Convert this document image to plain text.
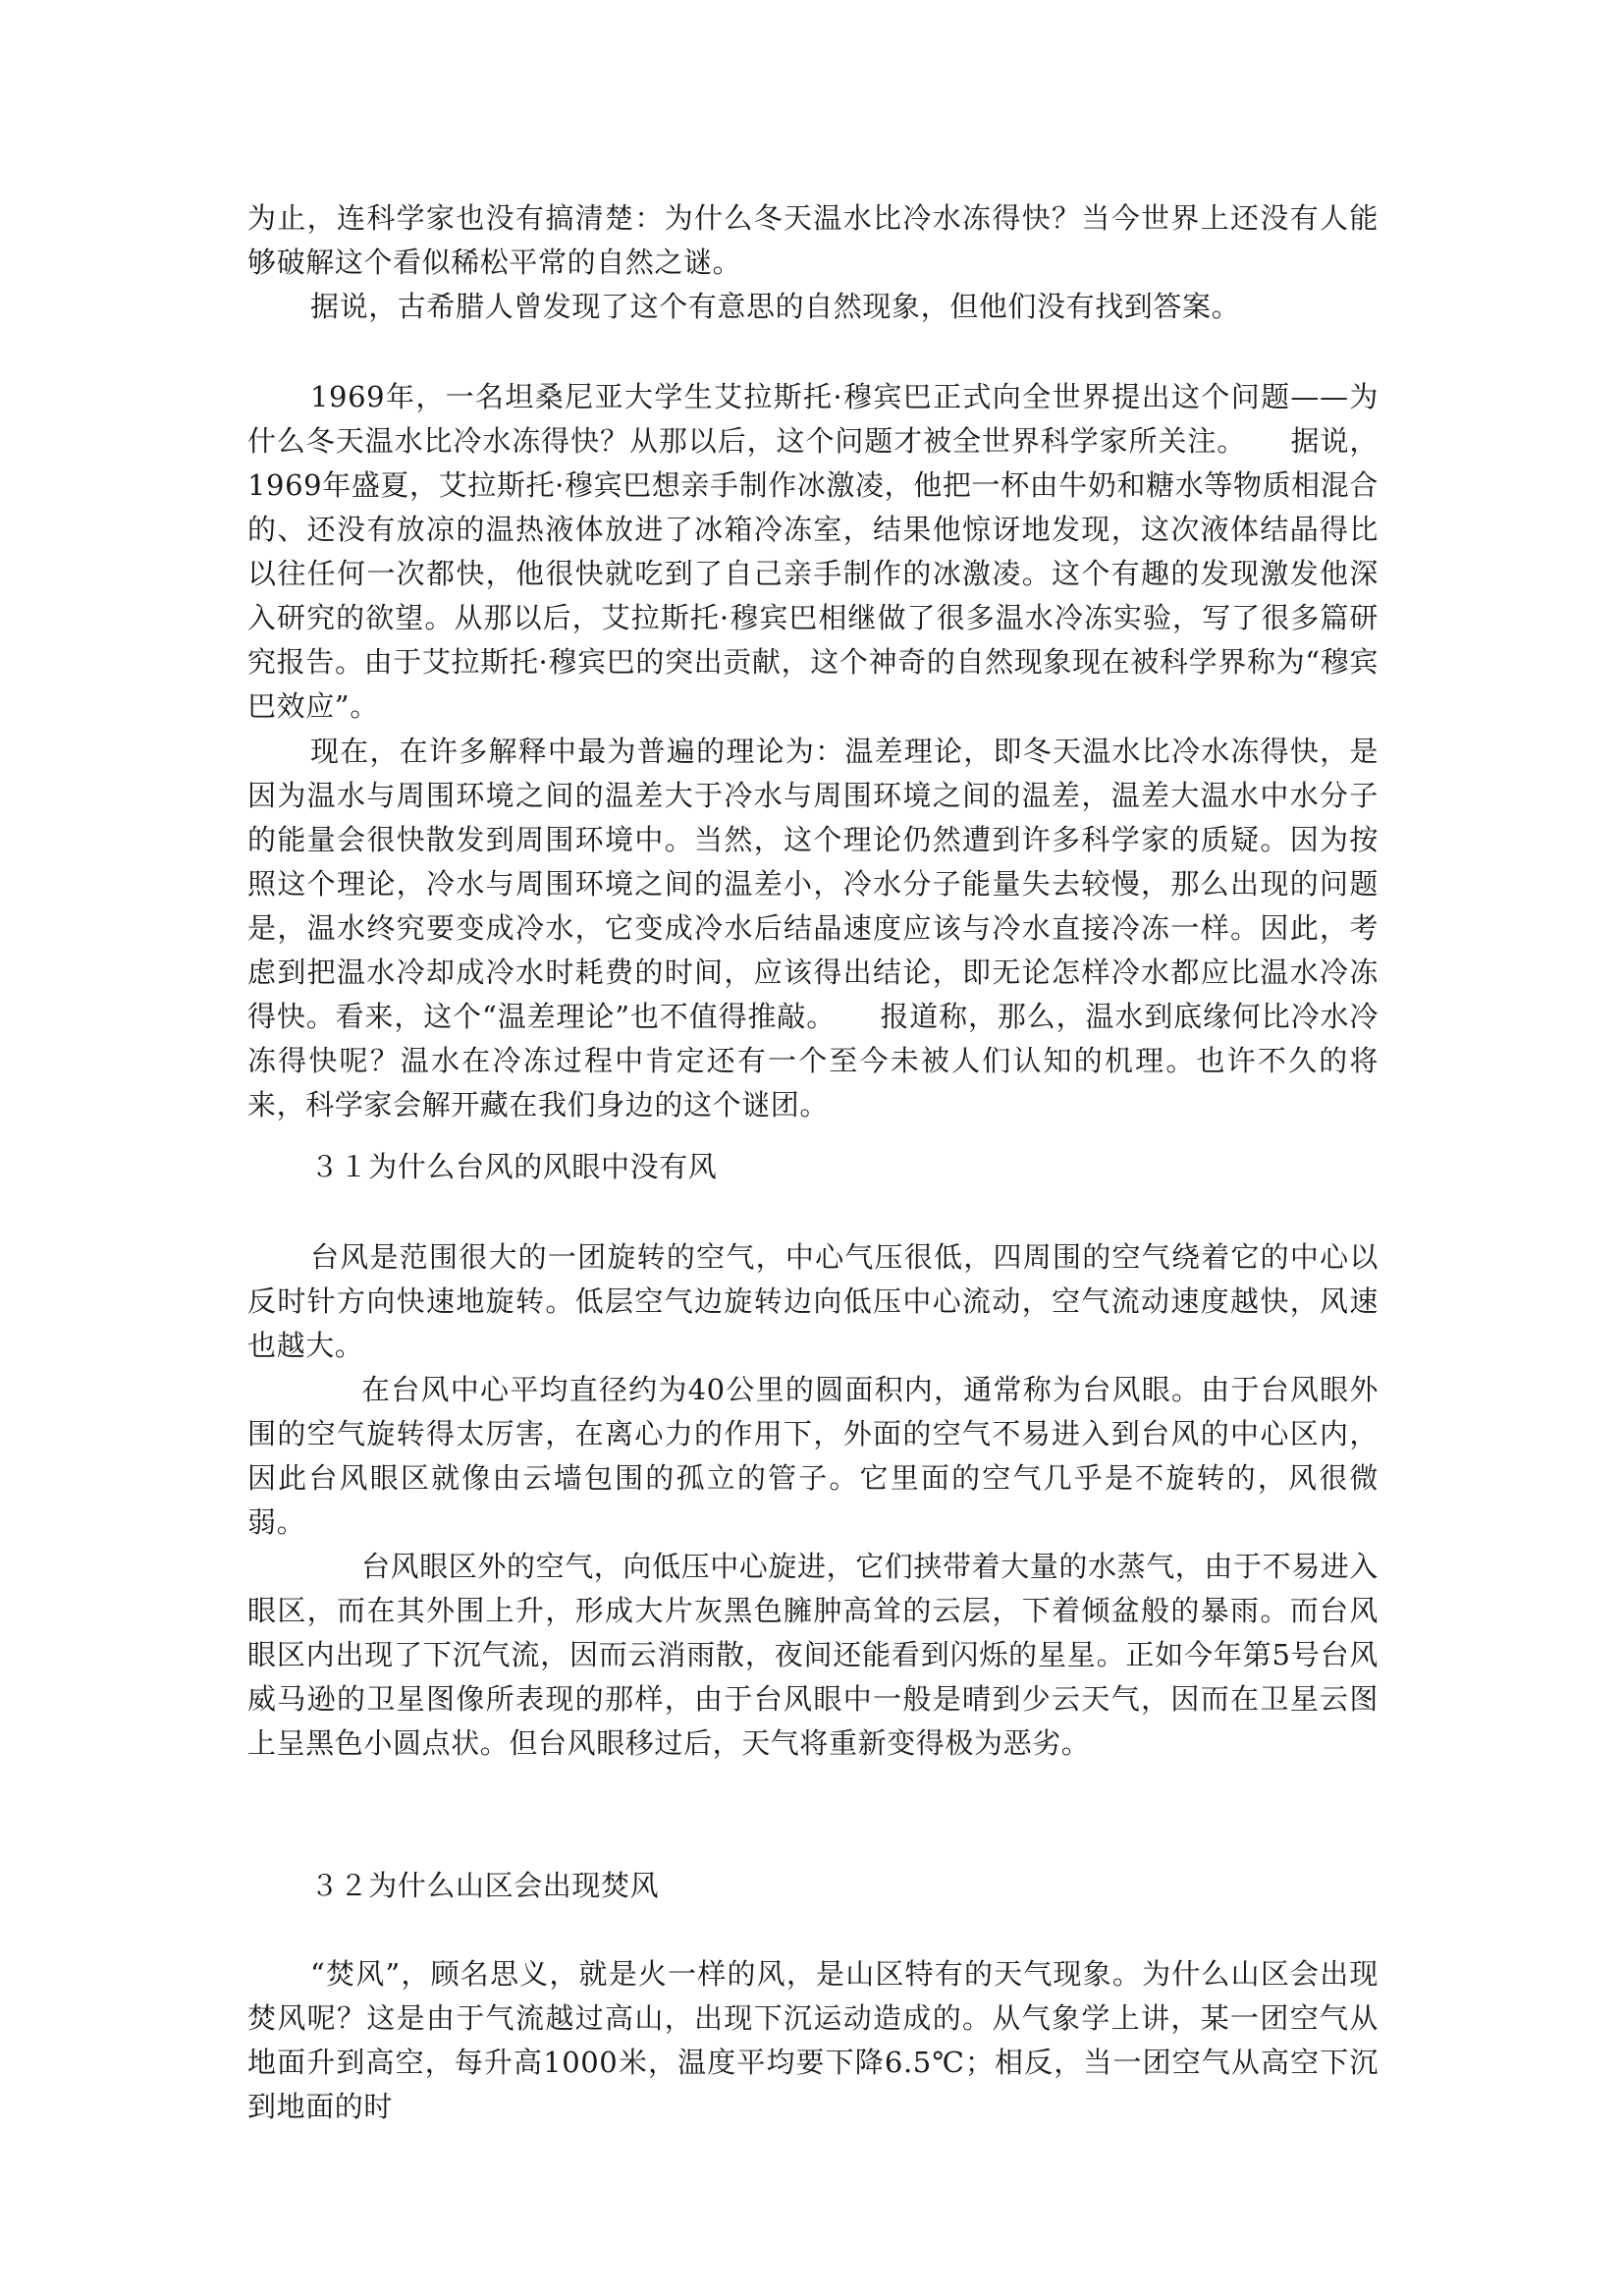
为止，连科学家也没有搞清楚：为什么冬天温水比冷水冻得快？当今世界上还没有人能够破解这个看似稀松平常的自然之谜。

据说，古希腊人曾发现了这个有意思的自然现象，但他们没有找到答案。

1969年，一名坦桑尼亚大学生艾拉斯托·穆宾巴正式向全世界提出这个问题——为什么冬天温水比冷水冻得快？从那以后，这个问题才被全世界科学家所关注。　　据说，1969年盛夏，艾拉斯托·穆宾巴想亲手制作冰激凌，他把一杯由牛奶和糖水等物质相混合的、还没有放凉的温热液体放进了冰箱冷冻室，结果他惊讶地发现，这次液体结晶得比以往任何一次都快，他很快就吃到了自己亲手制作的冰激凌。这个有趣的发现激发他深入研究的欲望。从那以后，艾拉斯托·穆宾巴相继做了很多温水冷冻实验，写了很多篇研究报告。由于艾拉斯托·穆宾巴的突出贡献，这个神奇的自然现象现在被科学界称为“穆宾巴效应”。

现在，在许多解释中最为普遍的理论为：温差理论，即冬天温水比冷水冻得快，是因为温水与周围环境之间的温差大于冷水与周围环境之间的温差，温差大温水中水分子的能量会很快散发到周围环境中。当然，这个理论仍然遭到许多科学家的质疑。因为按照这个理论，冷水与周围环境之间的温差小，冷水分子能量失去较慢，那么出现的问题是，温水终究要变成冷水，它变成冷水后结晶速度应该与冷水直接冷冻一样。因此，考虑到把温水冷却成冷水时耗费的时间，应该得出结论，即无论怎样冷水都应比温水冷冻得快。看来，这个“温差理论”也不值得推敲。　　报道称，那么，温水到底缘何比冷水冷冻得快呢？温水在冷冻过程中肯定还有一个至今未被人们认知的机理。也许不久的将来，科学家会解开藏在我们身边的这个谜团。

３１为什么台风的风眼中没有风

台风是范围很大的一团旋转的空气，中心气压很低，四周围的空气绕着它的中心以反时针方向快速地旋转。低层空气边旋转边向低压中心流动，空气流动速度越快，风速也越大。

在台风中心平均直径约为40公里的圆面积内，通常称为台风眼。由于台风眼外围的空气旋转得太厉害，在离心力的作用下，外面的空气不易进入到台风的中心区内，因此台风眼区就像由云墙包围的孤立的管子。它里面的空气几乎是不旋转的，风很微弱。

台风眼区外的空气，向低压中心旋进，它们挟带着大量的水蒸气，由于不易进入眼区，而在其外围上升，形成大片灰黑色臃肿高耸的云层，下着倾盆般的暴雨。而台风眼区内出现了下沉气流，因而云消雨散，夜间还能看到闪烁的星星。正如今年第5号台风威马逊的卫星图像所表现的那样，由于台风眼中一般是晴到少云天气，因而在卫星云图上呈黑色小圆点状。但台风眼移过后，天气将重新变得极为恶劣。

３２为什么山区会出现焚风

“焚风”，顾名思义，就是火一样的风，是山区特有的天气现象。为什么山区会出现焚风呢？这是由于气流越过高山，出现下沉运动造成的。从气象学上讲，某一团空气从地面升到高空，每升高1000米，温度平均要下降6.5℃；相反，当一团空气从高空下沉到地面的时
